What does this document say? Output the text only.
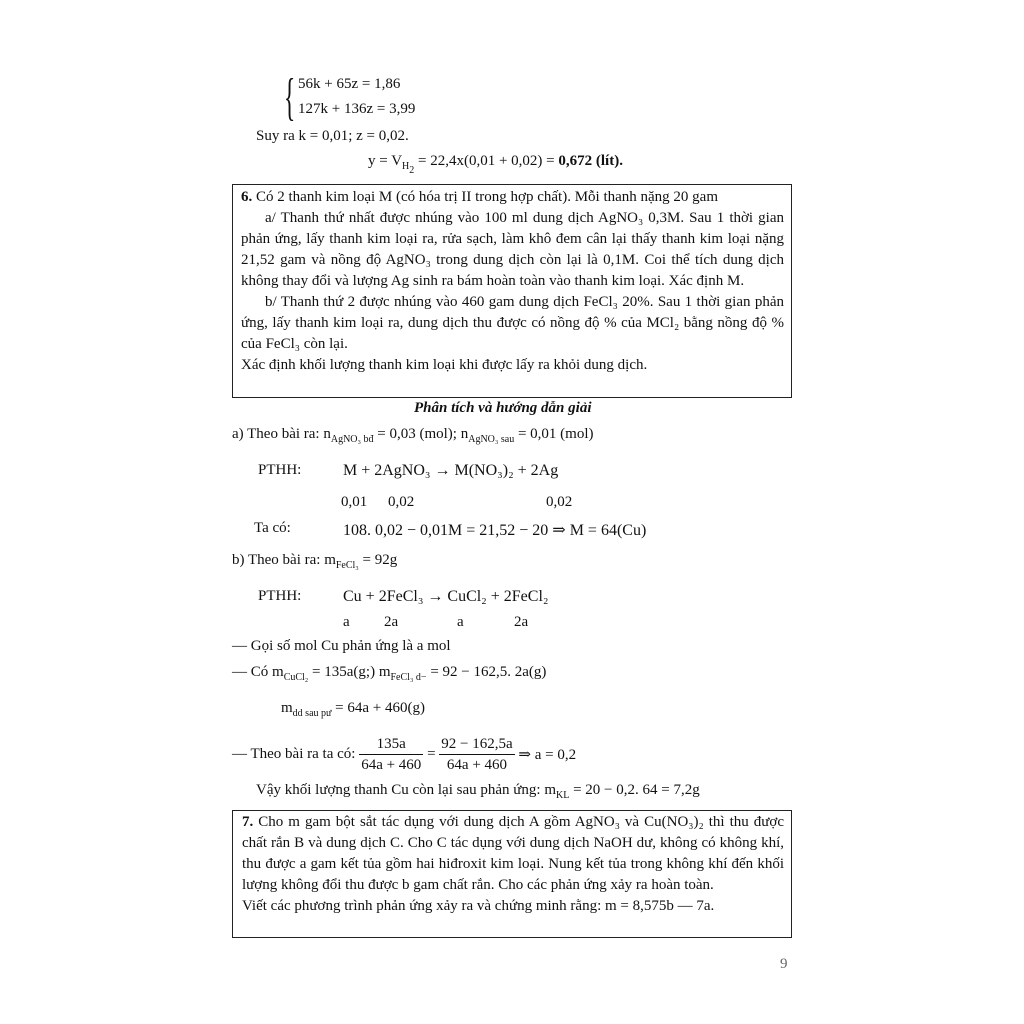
{ 56k + 65z = 1,86
127k + 136z = 3,99
Suy ra k = 0,01; z = 0,02.
$y = V_{H_2} = 22,4x(0,01 + 0,02) = 0,672$ (lít).

6. Có 2 thanh kim loại M (có hóa trị II trong hợp chất). Mỗi thanh nặng 20 gam

a/ Thanh thứ nhất được nhúng vào 100 ml dung dịch AgNO₃ 0,3M. Sau 1 thời gian phản ứng, lấy thanh kim loại ra, rửa sạch, làm khô đem cân lại thấy thanh kim loại nặng 21,52 gam và nồng độ AgNO₃ trong dung dịch còn lại là 0,1M. Coi thể tích dung dịch không thay đổi và lượng Ag sinh ra bám hoàn toàn vào thanh kim loại. Xác định M.

b/ Thanh thứ 2 được nhúng vào 460 gam dung dịch FeCl₃ 20%. Sau 1 thời gian phản ứng, lấy thanh kim loại ra, dung dịch thu được có nồng độ % của MCl₂ bằng nồng độ % của FeCl₃ còn lại.

Xác định khối lượng thanh kim loại khi được lấy ra khỏi dung dịch.

Phân tích và hướng dẫn giải
a) Theo bài ra: $n_{AgNO_3 bđ} = 0,03$ (mol); $n_{AgNO_3 sau} = 0,01$ (mol)
PTHH:	M + 2AgNO₃ → M(NO₃)₂ + 2Ag
0,01 0,02	0,02
Ta có:	108. 0,02 − 0,01M = 21,52 − 20 ⇒ M = 64(Cu)
b) Theo bài ra: $m_{FeCl_3} = 92g$
PTHH:	Cu + 2FeCl₃ → CuCl₂ + 2FeCl₂
a 2a	a	2a
— Gọi số mol Cu phản ứng là a mol
— Có $m_{CuCl_2}$ = 135a(g;) $m_{FeCl_3 d-} = 92 - 162,5$. 2a(g)
$m_{dd sau pư} = 64a + 460(g)$
— Theo bài ra ta có: $\frac{135a}{64a + 460} = \frac{92 - 162,5a}{64a + 460}$ ⇒ a = 0,2
Vậy khối lượng thanh Cu còn lại sau phản ứng: $m_{KL} = 20 - 0,2$. 64 = 7,2g

7. Cho m gam bột sắt tác dụng với dung dịch A gồm AgNO₃ và Cu(NO₃)₂ thì thu được chất rắn B và dung dịch C. Cho C tác dụng với dung dịch NaOH dư, không có không khí, thu được a gam kết tủa gồm hai hiđroxit kim loại. Nung kết tủa trong không khí đến khối lượng không đổi thu được b gam chất rắn. Cho các phản ứng xảy ra hoàn toàn.

Viết các phương trình phản ứng xảy ra và chứng minh rằng: m = 8,575b — 7a.

9
